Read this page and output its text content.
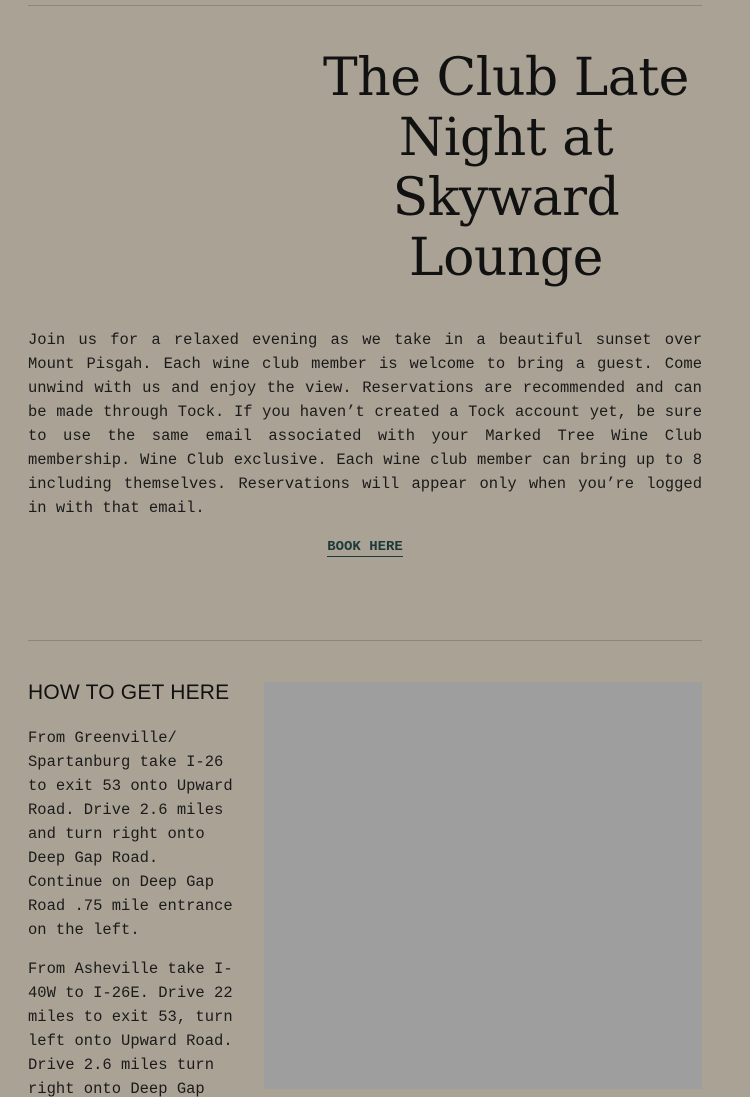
The Club Late Night at Skyward Lounge

Join us for a relaxed evening as we take in a beautiful sunset over Mount Pisgah. Each wine club member is welcome to bring a guest. Come unwind with us and enjoy the view. Reservations are recommended and can be made through Tock. If you haven’t created a Tock account yet, be sure to use the same email associated with your Marked Tree Wine Club membership. Wine Club exclusive. Each wine club member can bring up to 8 including themselves. Reservations will appear only when you’re logged in with that email.

BOOK HERE
HOW TO GET HERE

From Greenville/ Spartanburg take I-26 to exit 53 onto Upward Road. Drive 2.6 miles and turn right onto Deep Gap Road. Continue on Deep Gap Road .75 mile entrance on the left.

From Asheville take I-40W to I-26E. Drive 22 miles to exit 53, turn left onto Upward Road. Drive 2.6 miles turn right onto Deep Gap
